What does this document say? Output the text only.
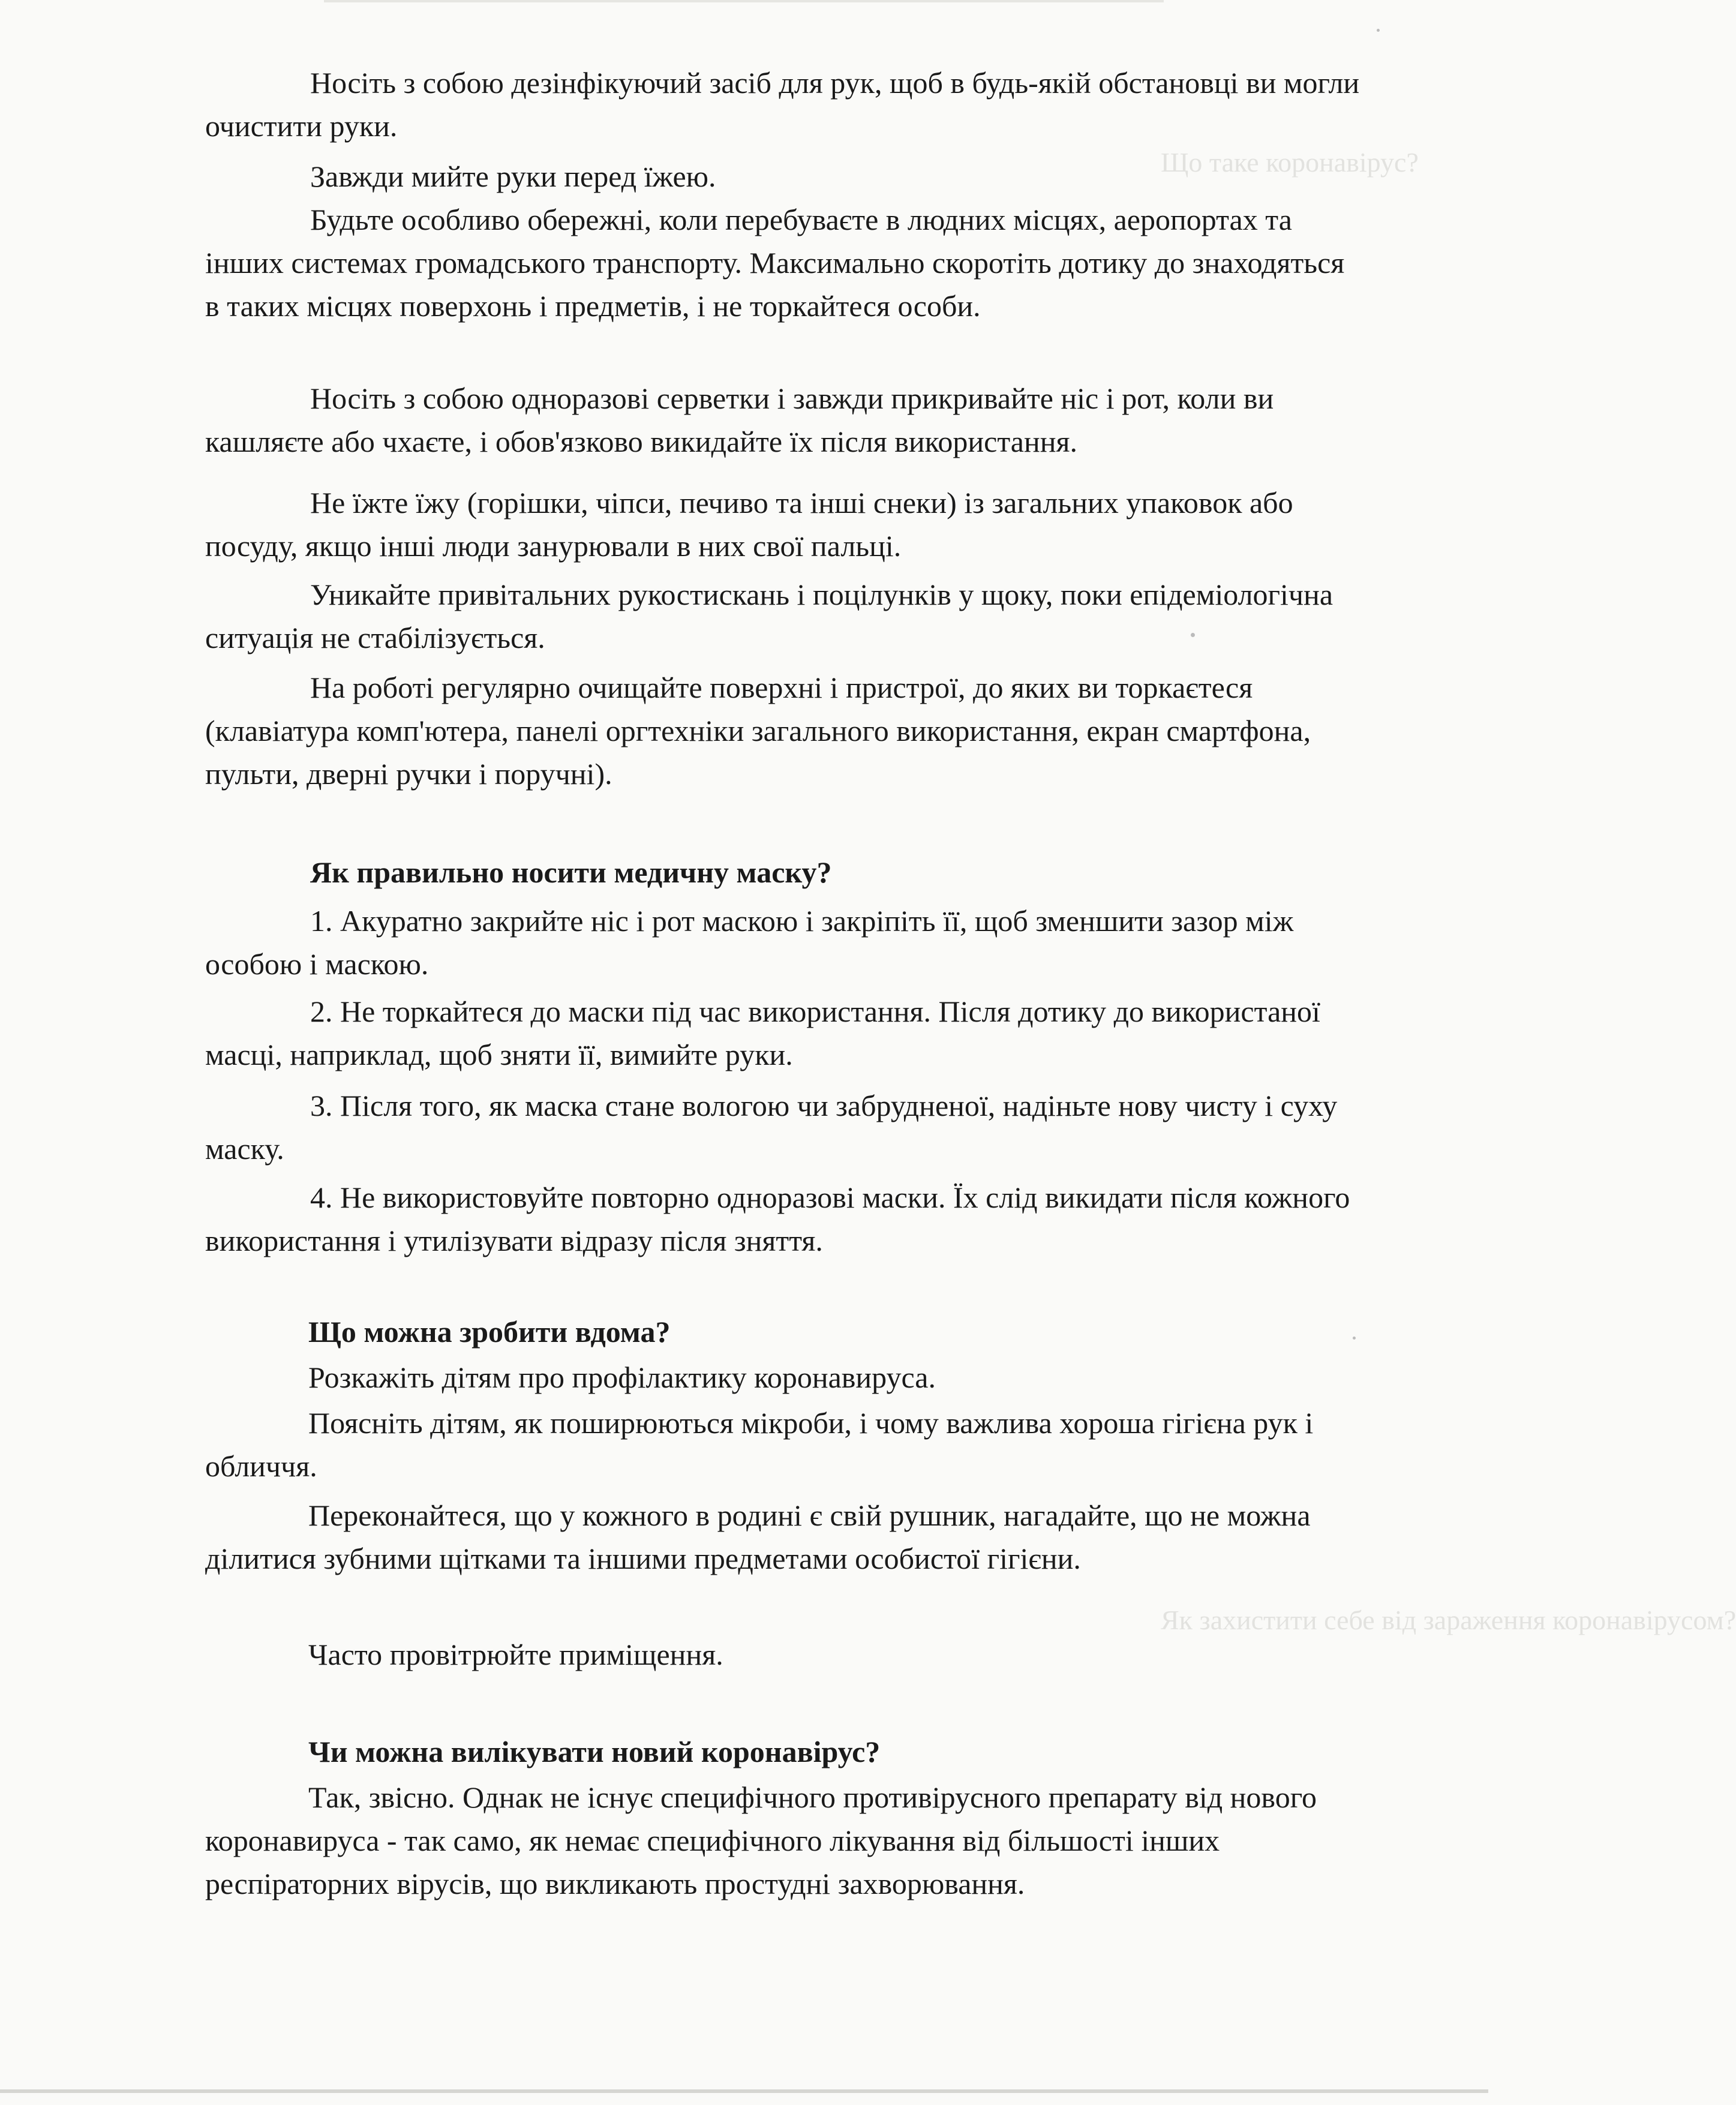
Що таке коронавірус?
Як захистити себе від зараження коронавірусом?
Носіть з собою дезінфікуючий засіб для рук, щоб в будь-якій обстановці ви могли очистити руки.
Завжди мийте руки перед їжею.
Будьте особливо обережні, коли перебуваєте в людних місцях, аеропортах та інших системах громадського транспорту. Максимально скоротіть дотику до знаходяться в таких місцях поверхонь і предметів, і не торкайтеся особи.
Носіть з собою одноразові серветки і завжди прикривайте ніс і рот, коли ви кашляєте або чхаєте, і обов'язково викидайте їх після використання.
Не їжте їжу (горішки, чіпси, печиво та інші снеки) із загальних упаковок або посуду, якщо інші люди занурювали в них свої пальці.
Уникайте привітальних рукостискань і поцілунків у щоку, поки епідеміологічна ситуація не стабілізується.
На роботі регулярно очищайте поверхні і пристрої, до яких ви торкаєтеся (клавіатура комп'ютера, панелі оргтехніки загального використання, екран смартфона, пульти, дверні ручки і поручні).
Як правильно носити медичну маску?
1. Акуратно закрийте ніс і рот маскою і закріпіть її, щоб зменшити зазор між особою і маскою.
2. Не торкайтеся до маски під час використання. Після дотику до використаної масці, наприклад, щоб зняти її, вимийте руки.
3. Після того, як маска стане вологою чи забрудненої, надіньте нову чисту і суху маску.
4. Не використовуйте повторно одноразові маски. Їх слід викидати після кожного використання і утилізувати відразу після зняття.
Що можна зробити вдома?
Розкажіть дітям про профілактику коронавируса.
Поясніть дітям, як поширюються мікроби, і чому важлива хороша гігієна рук і обличчя.
Переконайтеся, що у кожного в родині є свій рушник, нагадайте, що не можна ділитися зубними щітками та іншими предметами особистої гігієни.
Часто провітрюйте приміщення.
Чи можна вилікувати новий коронавірус?
Так, звісно. Однак не існує специфічного противірусного препарату від нового коронавируса - так само, як немає специфічного лікування від більшості інших респіраторних вірусів, що викликають простудні захворювання.
